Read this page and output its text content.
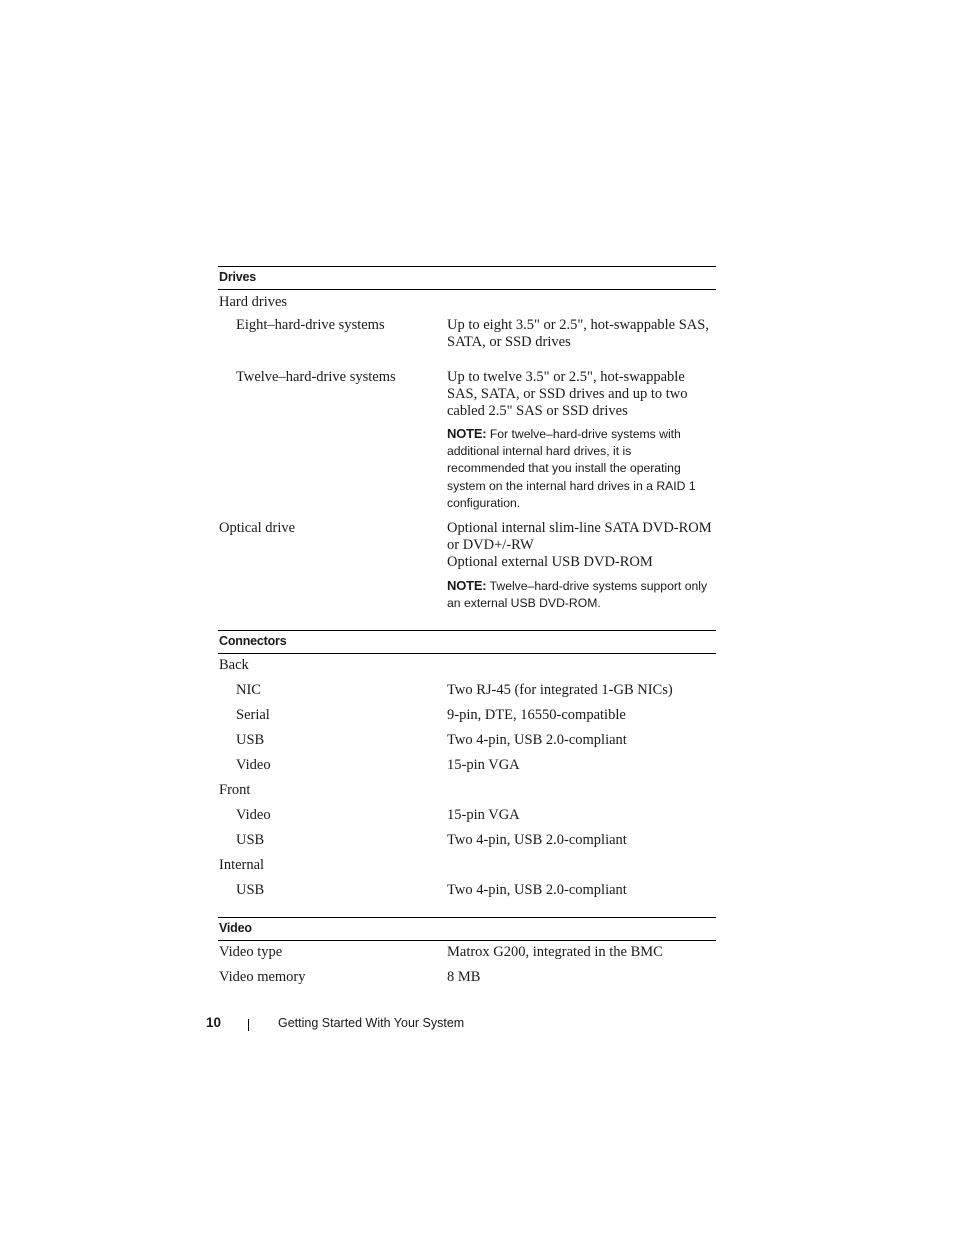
Drives
Hard drives
Eight–hard-drive systems	Up to eight 3.5" or 2.5", hot-swappable SAS, SATA, or SSD drives
Twelve–hard-drive systems	Up to twelve 3.5" or 2.5", hot-swappable SAS, SATA, or SSD drives and up to two cabled 2.5" SAS or SSD drives
NOTE: For twelve–hard-drive systems with additional internal hard drives, it is recommended that you install the operating system on the internal hard drives in a RAID 1 configuration.
Optical drive	Optional internal slim-line SATA DVD-ROM or DVD+/-RW
Optional external USB DVD-ROM
NOTE: Twelve–hard-drive systems support only an external USB DVD-ROM.
Connectors
Back
NIC	Two RJ-45 (for integrated 1-GB NICs)
Serial	9-pin, DTE, 16550-compatible
USB	Two 4-pin, USB 2.0-compliant
Video	15-pin VGA
Front
Video	15-pin VGA
USB	Two 4-pin, USB 2.0-compliant
Internal
USB	Two 4-pin, USB 2.0-compliant
Video
Video type	Matrox G200, integrated in the BMC
Video memory	8 MB
10	Getting Started With Your System
